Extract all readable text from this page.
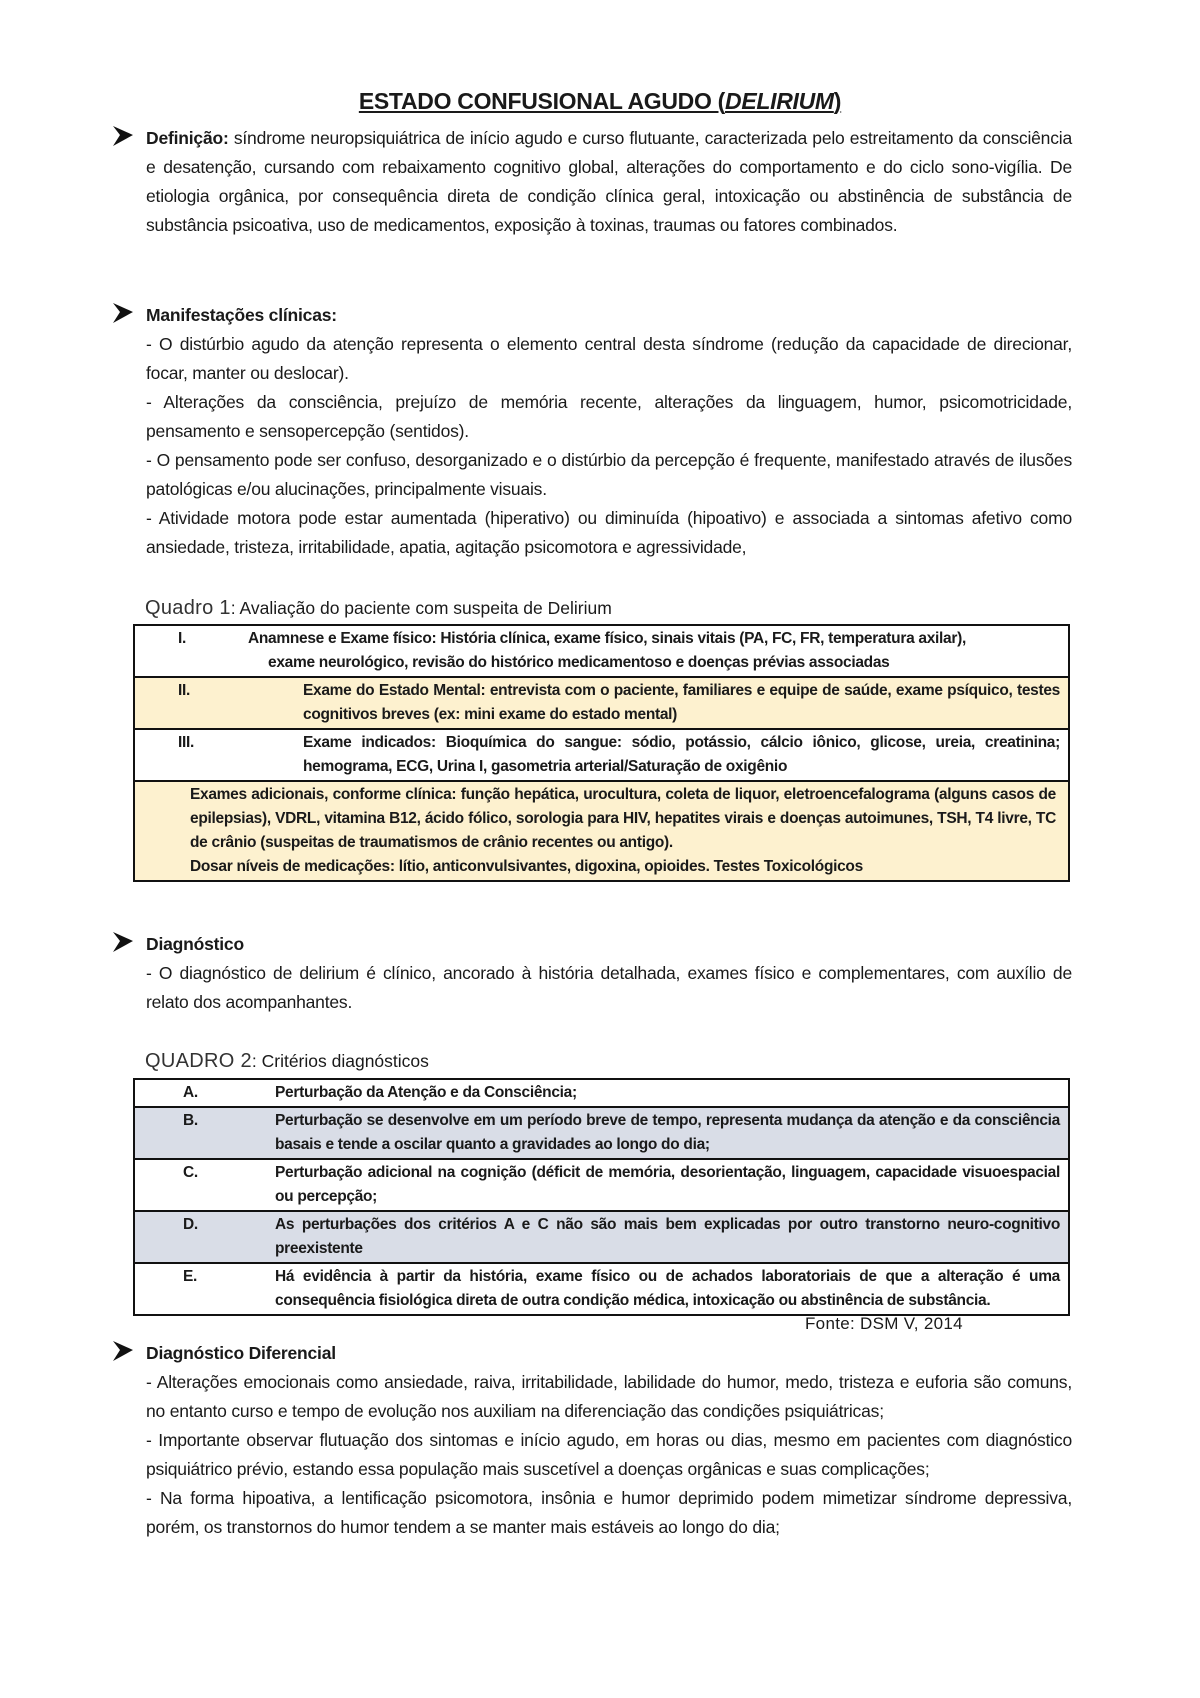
ESTADO CONFUSIONAL AGUDO (DELIRIUM)
Definição: síndrome neuropsiquiátrica de início agudo e curso flutuante, caracterizada pelo estreitamento da consciência e desatenção, cursando com rebaixamento cognitivo global, alterações do comportamento e do ciclo sono-vigília. De etiologia orgânica, por consequência direta de condição clínica geral, intoxicação ou abstinência de substância de substância psicoativa, uso de medicamentos, exposição à toxinas, traumas ou fatores combinados.
Manifestações clínicas:
- O distúrbio agudo da atenção representa o elemento central desta síndrome (redução da capacidade de direcionar, focar, manter ou deslocar).
- Alterações da consciência, prejuízo de memória recente, alterações da linguagem, humor, psicomotricidade, pensamento e sensopercepção (sentidos).
- O pensamento pode ser confuso, desorganizado e o distúrbio da percepção é frequente, manifestado através de ilusões patológicas e/ou alucinações, principalmente visuais.
- Atividade motora pode estar aumentada (hiperativo) ou diminuída (hipoativo) e associada a sintomas afetivo como ansiedade, tristeza, irritabilidade, apatia, agitação psicomotora e agressividade,
Quadro 1: Avaliação do paciente com suspeita de Delirium
I.	Anamnese e Exame físico: História clínica, exame físico, sinais vitais (PA, FC, FR, temperatura axilar),
exame neurológico, revisão do histórico medicamentoso e doenças prévias associadas

II.	Exame do Estado Mental: entrevista com o paciente, familiares e equipe de saúde, exame psíquico, testes cognitivos breves (ex: mini exame do estado mental)

III.	Exame indicados: Bioquímica do sangue: sódio, potássio, cálcio iônico, glicose, ureia, creatinina; hemograma, ECG, Urina I, gasometria arterial/Saturação de oxigênio

Exames adicionais, conforme clínica: função hepática, urocultura, coleta de liquor, eletroencefalograma (alguns casos de epilepsias), VDRL, vitamina B12, ácido fólico, sorologia para HIV, hepatites virais e doenças autoimunes, TSH, T4 livre, TC de crânio (suspeitas de traumatismos de crânio recentes ou antigo).
Dosar níveis de medicações: lítio, anticonvulsivantes, digoxina, opioides. Testes Toxicológicos
Diagnóstico
- O diagnóstico de delirium é clínico, ancorado à história detalhada, exames físico e complementares, com auxílio de relato dos acompanhantes.
QUADRO 2: Critérios diagnósticos
A.	Perturbação da Atenção e da Consciência;

B.	Perturbação se desenvolve em um período breve de tempo, representa mudança da atenção e da consciência basais e tende a oscilar quanto a gravidades ao longo do dia;

C.	Perturbação adicional na cognição (déficit de memória, desorientação, linguagem, capacidade visuoespacial ou percepção;

D.	As perturbações dos critérios A e C não são mais bem explicadas por outro transtorno neuro-cognitivo preexistente

E.	Há evidência à partir da história, exame físico ou de achados laboratoriais de que a alteração é uma consequência fisiológica direta de outra condição médica, intoxicação ou abstinência de substância.
Fonte: DSM V, 2014
Diagnóstico Diferencial
- Alterações emocionais como ansiedade, raiva, irritabilidade, labilidade do humor, medo, tristeza e euforia são comuns, no entanto curso e tempo de evolução nos auxiliam na diferenciação das condições psiquiátricas;
- Importante observar flutuação dos sintomas e início agudo, em horas ou dias, mesmo em pacientes com diagnóstico psiquiátrico prévio, estando essa população mais suscetível a doenças orgânicas e suas complicações;
- Na forma hipoativa, a lentificação psicomotora, insônia e humor deprimido podem mimetizar síndrome depressiva, porém, os transtornos do humor tendem a se manter mais estáveis ao longo do dia;
